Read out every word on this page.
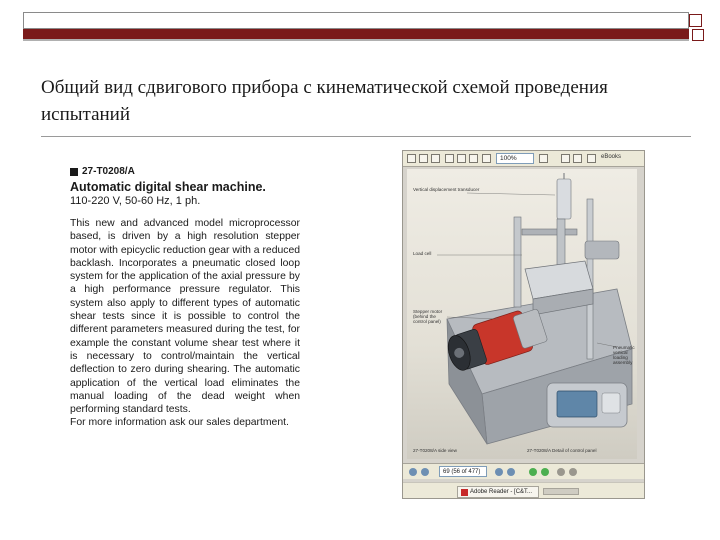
Общий вид сдвигового прибора с кинематической схемой проведения испытаний
27-T0208/A
Automatic digital shear machine.
110-220 V, 50-60 Hz, 1 ph.
This new and advanced model microprocessor based, is driven by a high resolution stepper motor with epicyclic reduction gear with a reduced backlash. Incorporates a pneumatic closed loop system for the application of the axial pressure by a high performance pressure regulator. This system also apply to different types of automatic shear tests since it is possible to control the different parameters measured during the test, for example the constant volume shear test where it is necessary to control/maintain the vertical deflection to zero during shearing. The automatic application of the vertical load eliminates the manual loading of the dead weight when performing standard tests.
For more information ask our sales department.
100%	eBooks
Vertical displacement transducer
Load cell
Stepper motor (behind the control panel)
Pneumatic vertical loading assembly
27-T0208/A side view	27-T0208/A Detail of control panel
69 (56 of 477)
Adobe Reader - [C&T...
